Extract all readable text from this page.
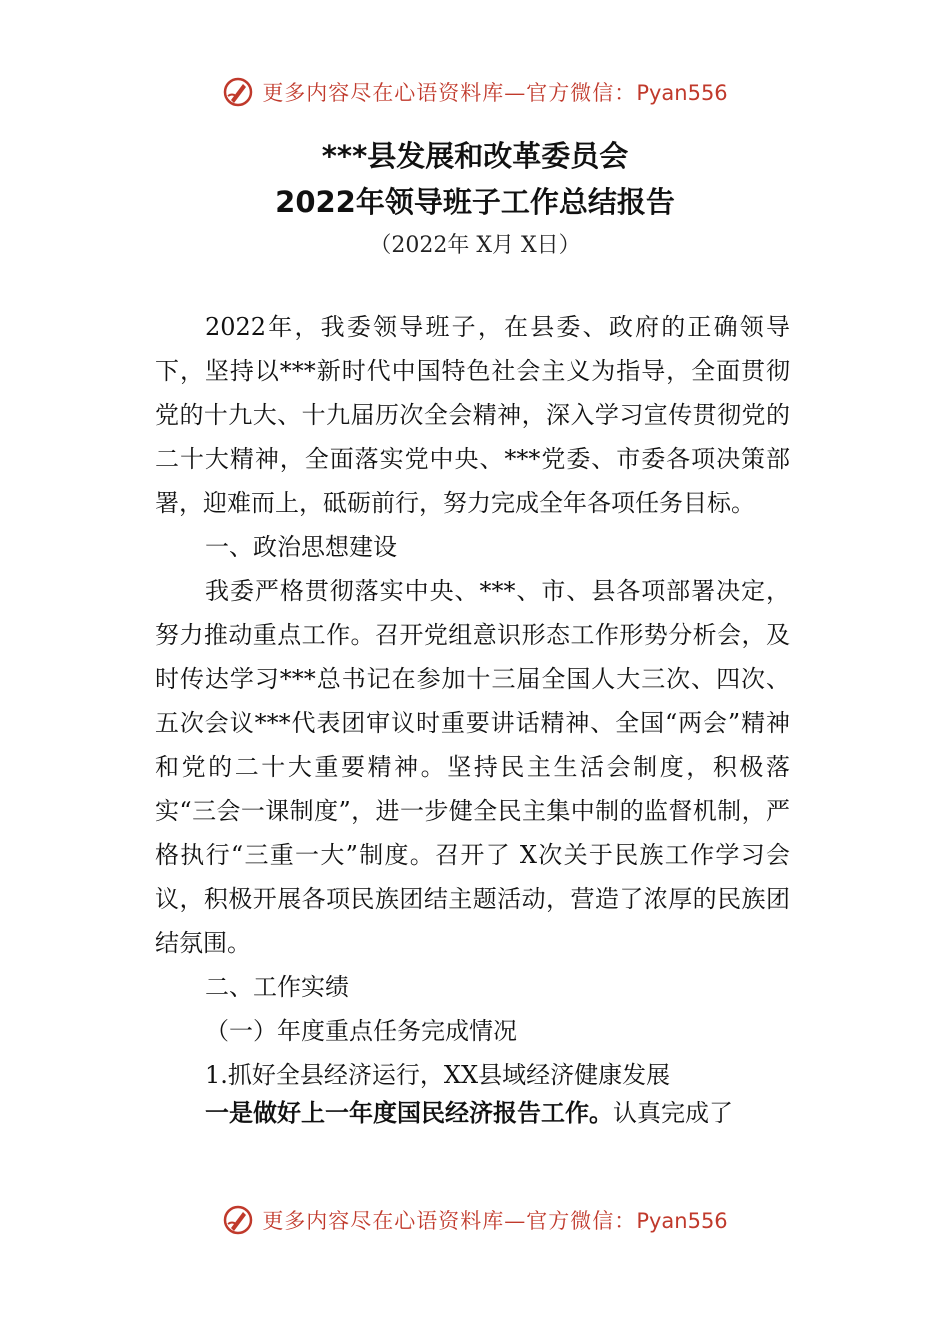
更多内容尽在心语资料库—官方微信：Pyan556
***县发展和改革委员会
2022年领导班子工作总结报告
（2022年 X月 X日）

2022年，我委领导班子，在县委、政府的正确领导下，坚持以***新时代中国特色社会主义为指导，全面贯彻党的十九大、十九届历次全会精神，深入学习宣传贯彻党的二十大精神，全面落实党中央、***党委、市委各项决策部署，迎难而上，砥砺前行，努力完成全年各项任务目标。

一、政治思想建设

我委严格贯彻落实中央、***、市、县各项部署决定，努力推动重点工作。召开党组意识形态工作形势分析会，及时传达学习***总书记在参加十三届全国人大三次、四次、五次会议***代表团审议时重要讲话精神、全国“两会”精神和党的二十大重要精神。坚持民主生活会制度，积极落实“三会一课制度”，进一步健全民主集中制的监督机制，严格执行“三重一大”制度。召开了 X次关于民族工作学习会议，积极开展各项民族团结主题活动，营造了浓厚的民族团结氛围。

二、工作实绩

（一）年度重点任务完成情况

1.抓好全县经济运行，XX县域经济健康发展

一是做好上一年度国民经济报告工作。认真完成了

更多内容尽在心语资料库—官方微信：Pyan556
